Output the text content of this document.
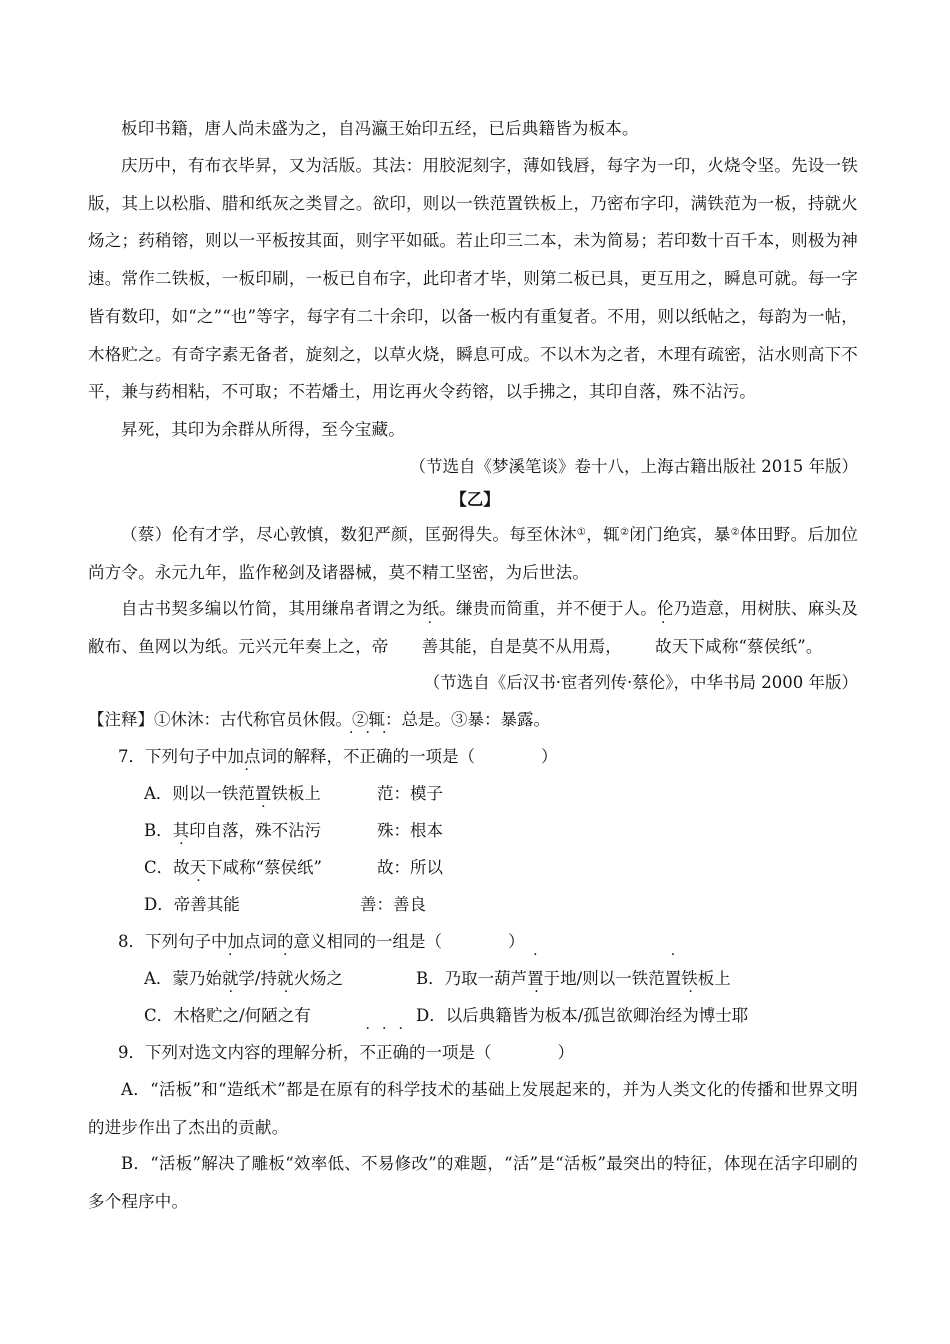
板印书籍，唐人尚未盛为之，自冯瀛王始印五经，已后典籍皆为板本。

庆历中，有布衣毕昇，又为活版。其法：用胶泥刻字，薄如钱唇，每字为一印，火烧令坚。先设一铁版，其上以松脂、腊和纸灰之类冒之。欲印，则以一铁范置铁板上，乃密布字印，满铁范为一板，持就火炀之；药稍镕，则以一平板按其面，则字平如砥。若止印三二本，未为简易；若印数十百千本，则极为神速。常作二铁板，一板印刷，一板已自布字，此印者才毕，则第二板已具，更互用之，瞬息可就。每一字皆有数印，如“之”“也”等字，每字有二十余印，以备一板内有重复者。不用，则以纸帖之，每韵为一帖，木格贮之。有奇字素无备者，旋刻之，以草火烧，瞬息可成。不以木为之者，木理有疏密，沾水则高下不平，兼与药相粘，不可取；不若燔土，用讫再火令药镕，以手拂之，其印自落，殊不沾污。

昇死，其印为余群从所得，至今宝藏。

（节选自《梦溪笔谈》卷十八，上海古籍出版社 2015 年版）

【乙】

（蔡）伦有才学，尽心敦慎，数犯严颜，匡弼得失。每至休沐①，辄②闭门绝宾，暴②体田野。后加位尚方令。永元九年，监作秘剑及诸器械，莫不精工坚密，为后世法。

自古书契多编以竹简，其用缣帛者谓之为纸。缣贵而简重，并不便于人。伦乃造意，用树肤、麻头及敝布、鱼网以为纸。元兴元年奏上之，帝 善其能，自是莫不从用焉， 故天下咸称“蔡侯纸”。

（节选自《后汉书·宦者列传·蔡伦》，中华书局 2000 年版）

【注释】①休沐：古代称官员休假。②辄：总是。③暴：暴露。

7．下列句子中加点词的解释，不正确的一项是（　　　　）

A．则以一铁范置铁板上	范：模子

B．其印自落，殊不沾污	殊：根本

C．故天下咸称“蔡侯纸”	故：所以

D．帝善其能	善：善良

8．下列句子中加点词的意义相同的一组是（　　　　）

A．蒙乃始就学/持就火炀之	B．乃取一葫芦置于地/则以一铁范置铁板上

C．木格贮之/何陋之有	D．以后典籍皆为板本/孤岂欲卿治经为博士耶

9．下列对选文内容的理解分析，不正确的一项是（　　　　）

A．“活板”和“造纸术”都是在原有的科学技术的基础上发展起来的，并为人类文化的传播和世界文明的进步作出了杰出的贡献。

B．“活板”解决了雕板“效率低、不易修改”的难题，“活”是“活板”最突出的特征，体现在活字印刷的多个程序中。
